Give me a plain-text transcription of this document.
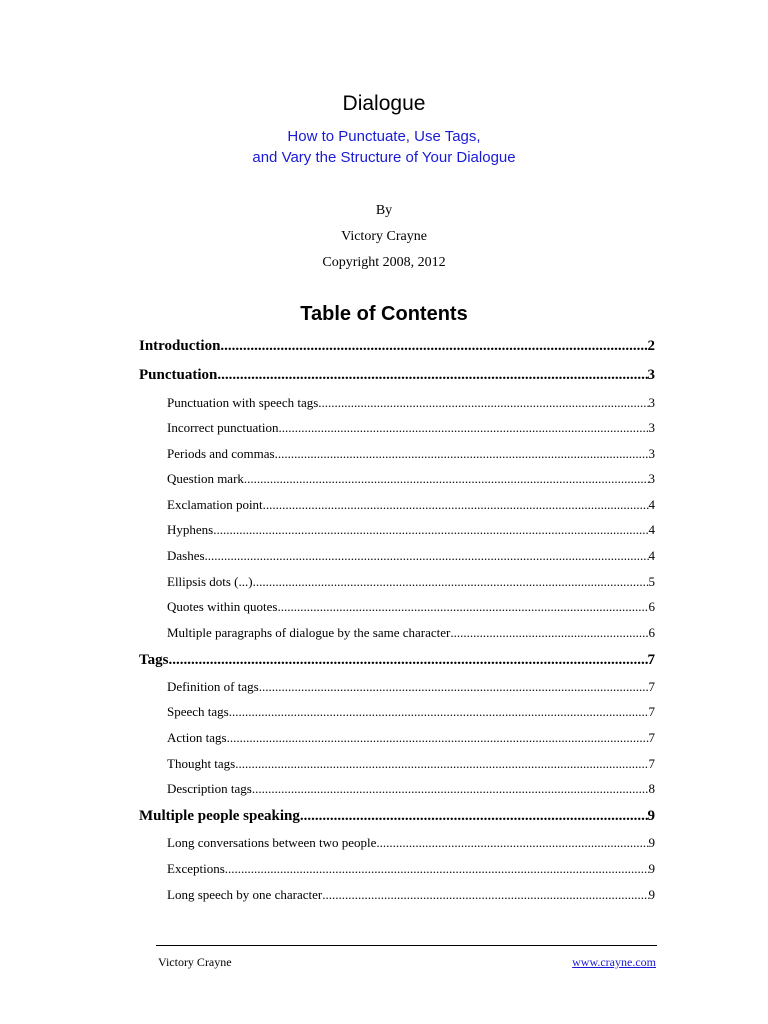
Dialogue
How to Punctuate, Use Tags,
and Vary the Structure of Your Dialogue
By
Victory Crayne
Copyright 2008, 2012
Table of Contents
Introduction .....	2
Punctuation .....	3
Punctuation with speech tags .....	3
Incorrect punctuation .....	3
Periods and commas .....	3
Question mark .....	3
Exclamation point .....	4
Hyphens .....	4
Dashes .....	4
Ellipsis dots (...) .....	5
Quotes within quotes .....	6
Multiple paragraphs of dialogue by the same character .....	6
Tags .....	7
Definition of tags .....	7
Speech tags .....	7
Action tags .....	7
Thought tags .....	7
Description tags .....	8
Multiple people speaking .....	9
Long conversations between two people .....	9
Exceptions .....	9
Long speech by one character .....	9
Victory Crayne	www.crayne.com
